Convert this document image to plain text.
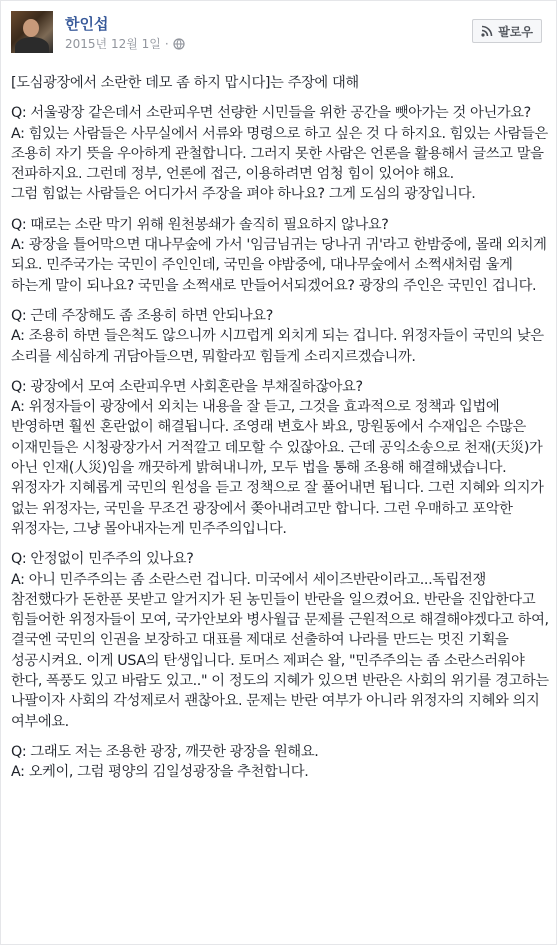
한인섭
2015년 12월 1일 ·
팔로우

[도심광장에서 소란한 데모 좀 하지 맙시다]는 주장에 대해

Q: 서울광장 같은데서 소란피우면 선량한 시민들을 위한 공간을 뺏아가는 것 아닌가요?
A: 힘있는 사람들은 사무실에서 서류와 명령으로 하고 싶은 것 다 하지요. 힘있는 사람들은 조용히 자기 뜻을 우아하게 관철합니다. 그러지 못한 사람은 언론을 활용해서 글쓰고 말을 전파하지요. 그런데 정부, 언론에 접근, 이용하려면 엄청 힘이 있어야 해요.
그럼 힘없는 사람들은 어디가서 주장을 펴야 하나요? 그게 도심의 광장입니다.

Q: 때로는 소란 막기 위해 원천봉쇄가 솔직히 필요하지 않나요?
A: 광장을 틀어막으면 대나무숲에 가서 '임금님귀는 당나귀 귀'라고 한밤중에, 몰래 외치게 되요. 민주국가는 국민이 주인인데, 국민을 야밤중에, 대나무숲에서 소쩍새처럼 울게 하는게 말이 되나요? 국민을 소쩍새로 만들어서되겠어요? 광장의 주인은 국민인 겁니다.

Q: 근데 주장해도 좀 조용히 하면 안되나요?
A: 조용히 하면 들은척도 않으니까 시끄럽게 외치게 되는 겁니다. 위정자들이 국민의 낮은 소리를 세심하게 귀담아들으면, 뭐할라꼬 힘들게 소리지르겠습니까.

Q: 광장에서 모여 소란피우면 사회혼란을 부채질하잖아요?
A: 위정자들이 광장에서 외치는 내용을 잘 듣고, 그것을 효과적으로 정책과 입법에 반영하면 훨씬 혼란없이 해결됩니다. 조영래 변호사 봐요, 망원동에서 수재입은 수많은 이재민들은 시청광장가서 거적깔고 데모할 수 있잖아요. 근데 공익소송으로 천재(天災)가 아닌 인재(人災)임을 깨끗하게 밝혀내니까, 모두 법을 통해 조용해 해결해냈습니다. 위정자가 지혜롭게 국민의 원성을 듣고 정책으로 잘 풀어내면 됩니다. 그런 지혜와 의지가 없는 위정자는, 국민을 무조건 광장에서 쫒아내려고만 합니다. 그런 우매하고 포악한 위정자는, 그냥 몰아내자는게 민주주의입니다.

Q: 안정없이 민주주의 있나요?
A: 아니 민주주의는 좀 소란스런 겁니다. 미국에서 세이즈반란이라고...독립전쟁 참전했다가 돈한푼 못받고 알거지가 된 농민들이 반란을 일으켰어요. 반란을 진압한다고 힘들어한 위정자들이 모여, 국가안보와 병사월급 문제를 근원적으로 해결해야겠다고 하여, 결국엔 국민의 인권을 보장하고 대표를 제대로 선출하여 나라를 만드는 멋진 기획을 성공시켜요. 이게 USA의 탄생입니다. 토머스 제퍼슨 왈, "민주주의는 좀 소란스러워야 한다, 폭풍도 있고 바람도 있고.." 이 정도의 지혜가 있으면 반란은 사회의 위기를 경고하는 나팔이자 사회의 각성제로서 괜찮아요. 문제는 반란 여부가 아니라 위정자의 지혜와 의지 여부에요.

Q: 그래도 저는 조용한 광장, 깨끗한 광장을 원해요.
A: 오케이, 그럼 평양의 김일성광장을 추천합니다.
